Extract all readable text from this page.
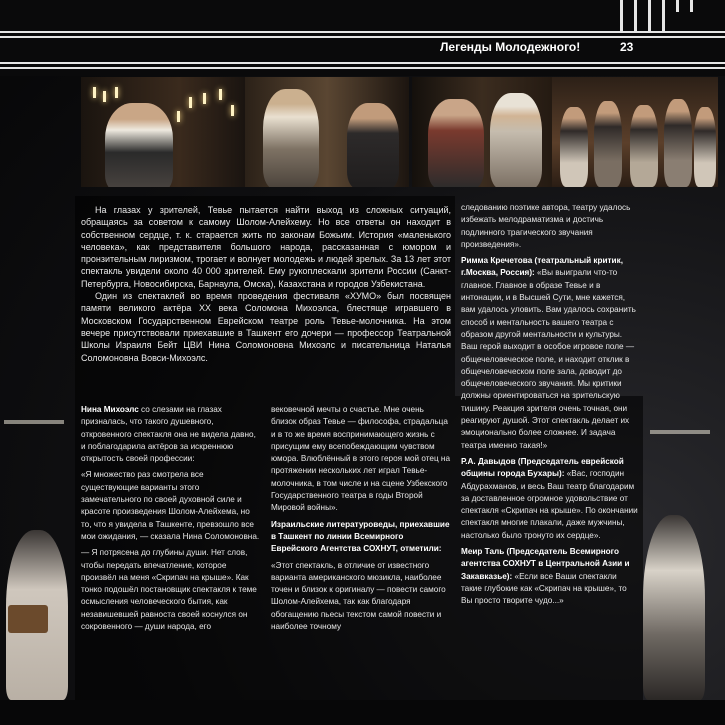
Легенды Молодежного!	23

На глазах у зрителей, Тевье пытается найти выход из сложных ситуаций, обращаясь за советом к самому Шолом-Алейхему. Но все ответы он находит в собственном сердце, т. к. старается жить по законам Божьим. История «маленького человека», как представителя большого народа, рассказанная с юмором и пронзительным лиризмом, трогает и волнует молодежь и людей зрелых. За 13 лет этот спектакль увидели около 40 000 зрителей. Ему рукоплескали зрители России (Санкт-Петербурга, Новосибирска, Барнаула, Омска), Казахстана и городов Узбекистана.

Один из спектаклей во время проведения фестиваля «ХУМО» был посвящен памяти великого актёра XX века Соломона Михоэлса, блестяще игравшего в Московском Государственном Еврейском театре роль Тевье-молочника. На этом вечере присутствовали приехавшие в Ташкент его дочери — профессор Театральной Школы Израиля Бейт ЦВИ Нина Соломоновна Михоэлс и писательница Наталья Соломоновна Вовси-Михоэлс.

Нина Михоэлс со слезами на глазах призналась, что такого душевного, откровенного спектакля она не видела давно, и поблагодарила актёров за искреннюю открытость своей профессии:

«Я множество раз смотрела все существующие варианты этого замечательного по своей духовной силе и красоте произведения Шолом-Алейхема, но то, что я увидела в Ташкенте, превзошло все мои ожидания, — сказала Нина Соломоновна.

— Я потрясена до глубины души. Нет слов, чтобы передать впечатление, которое произвёл на меня «Скрипач на крыше». Как тонко подошёл постановщик спектакля к теме осмысления человеческого бытия, как незавишевшей равноста своей коснулся он сокровенного — души народа, его

вековечной мечты о счастье. Мне очень близок образ Тевье — философа, страдальца и в то же время воспринимающего жизнь с присущим ему всепобеждающим чувством юмора. Влюблённый в этого героя мой отец на протяжении нескольких лет играл Тевье-молочника, в том числе и на сцене Узбекского Государственного театра в годы Второй Мировой войны».

Израильские литературоведы, приехавшие в Ташкент по линии Всемирного Еврейского Агентства СОХНУТ, отметили:

«Этот спектакль, в отличие от известного варианта американского мюзикла, наиболее точен и близок к оригиналу — повести самого Шолом-Алейхема, так как благодаря обогащению пьесы текстом самой повести и наиболее точному

следованию поэтике автора, театру удалось избежать мелодраматизма и достичь подлинного трагического звучания произведения».

Римма Кречетова (театральный критик, г.Москва, Россия): «Вы выиграли что-то главное. Главное в образе Тевье и в интонации, и в Высшей Сути, мне кажется, вам удалось уловить. Вам удалось сохранить способ и ментальность вашего театра с образом другой ментальности и культуры. Ваш герой выходит в особое игровое поле — общечеловеческое поле, и находит отклик в общечеловеческом поле зала, доводит до общечеловеческого звучания. Мы критики должны ориентироваться на зрительскую тишину. Реакция зрителя очень точная, они реагируют душой. Этот спектакль делает их эмоционально более сложнее. И задача театра именно такая!»

Р.А. Давыдов (Председатель еврейской общины города Бухары): «Вас, господин Абдурахманов, и весь Ваш театр благодарим за доставленное огромное удовольствие от спектакля «Скрипач на крыше». По окончании спектакля многие плакали, даже мужчины, настолько было тронуто их сердце».

Меир Таль (Председатель Всемирного агентства СОХНУТ в Центральной Азии и Закавказье): «Если все Ваши спектакли такие глубокие как «Скрипач на крыше», то Вы просто творите чудо...»
